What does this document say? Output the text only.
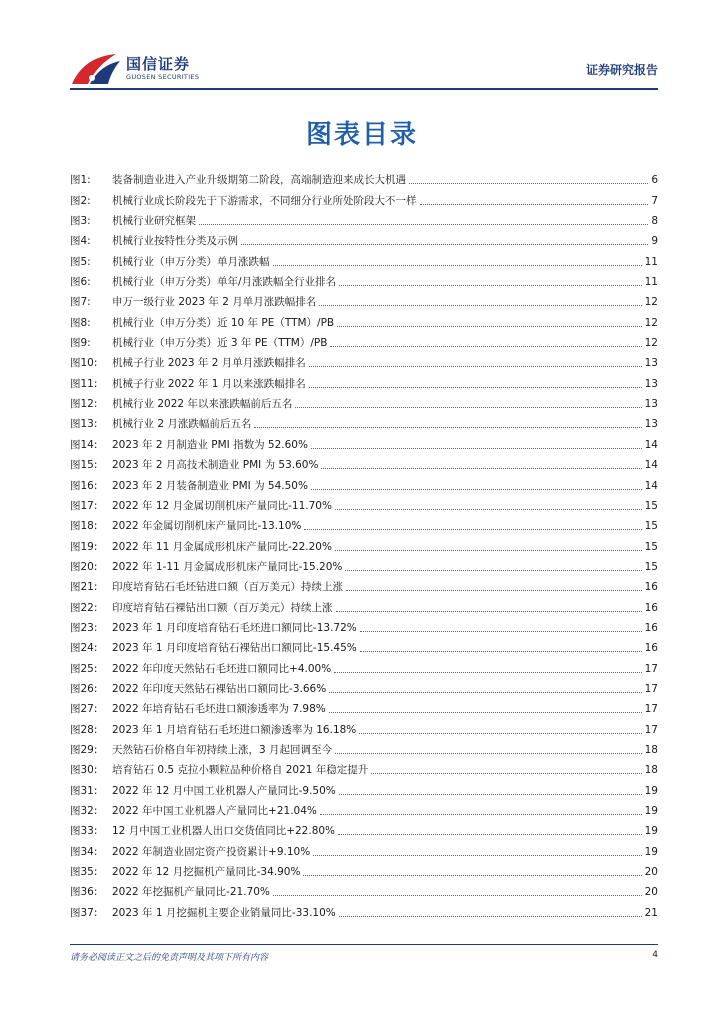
国信证券
GUOSEN SECURITIES	证券研究报告
图表目录
图1:	装备制造业进入产业升级期第二阶段，高端制造迎来成长大机遇	6
图2:	机械行业成长阶段先于下游需求，不同细分行业所处阶段大不一样	7
图3:	机械行业研究框架	8
图4:	机械行业按特性分类及示例	9
图5:	机械行业（申万分类）单月涨跌幅	11
图6:	机械行业（申万分类）单年/月涨跌幅全行业排名	11
图7:	申万一级行业 2023 年 2 月单月涨跌幅排名	12
图8:	机械行业（申万分类）近 10 年 PE（TTM）/PB	12
图9:	机械行业（申万分类）近 3 年 PE（TTM）/PB	12
图10:	机械子行业 2023 年 2 月单月涨跌幅排名	13
图11:	机械子行业 2022 年 1 月以来涨跌幅排名	13
图12:	机械行业 2022 年以来涨跌幅前后五名	13
图13:	机械行业 2 月涨跌幅前后五名	13
图14:	2023 年 2 月制造业 PMI 指数为 52.60%	14
图15:	2023 年 2 月高技术制造业 PMI 为 53.60%	14
图16:	2023 年 2 月装备制造业 PMI 为 54.50%	14
图17:	2022 年 12 月金属切削机床产量同比-11.70%	15
图18:	2022 年金属切削机床产量同比-13.10%	15
图19:	2022 年 11 月金属成形机床产量同比-22.20%	15
图20:	2022 年 1-11 月金属成形机床产量同比-15.20%	15
图21:	印度培育钻石毛坯钻进口额（百万美元）持续上涨	16
图22:	印度培育钻石裸钻出口额（百万美元）持续上涨	16
图23:	2023 年 1 月印度培育钻石毛坯进口额同比-13.72%	16
图24:	2023 年 1 月印度培育钻石裸钻出口额同比-15.45%	16
图25:	2022 年印度天然钻石毛坯进口额同比+4.00%	17
图26:	2022 年印度天然钻石裸钻出口额同比-3.66%	17
图27:	2022 年培育钻石毛坯进口额渗透率为 7.98%	17
图28:	2023 年 1 月培育钻石毛坯进口额渗透率为 16.18%	17
图29:	天然钻石价格自年初持续上涨，3 月起回调至今	18
图30:	培育钻石 0.5 克拉小颗粒品种价格自 2021 年稳定提升	18
图31:	2022 年 12 月中国工业机器人产量同比-9.50%	19
图32:	2022 年中国工业机器人产量同比+21.04%	19
图33:	12 月中国工业机器人出口交货值同比+22.80%	19
图34:	2022 年制造业固定资产投资累计+9.10%	19
图35:	2022 年 12 月挖掘机产量同比-34.90%	20
图36:	2022 年挖掘机产量同比-21.70%	20
图37:	2023 年 1 月挖掘机主要企业销量同比-33.10%	21
请务必阅读正文之后的免责声明及其项下所有内容	4
